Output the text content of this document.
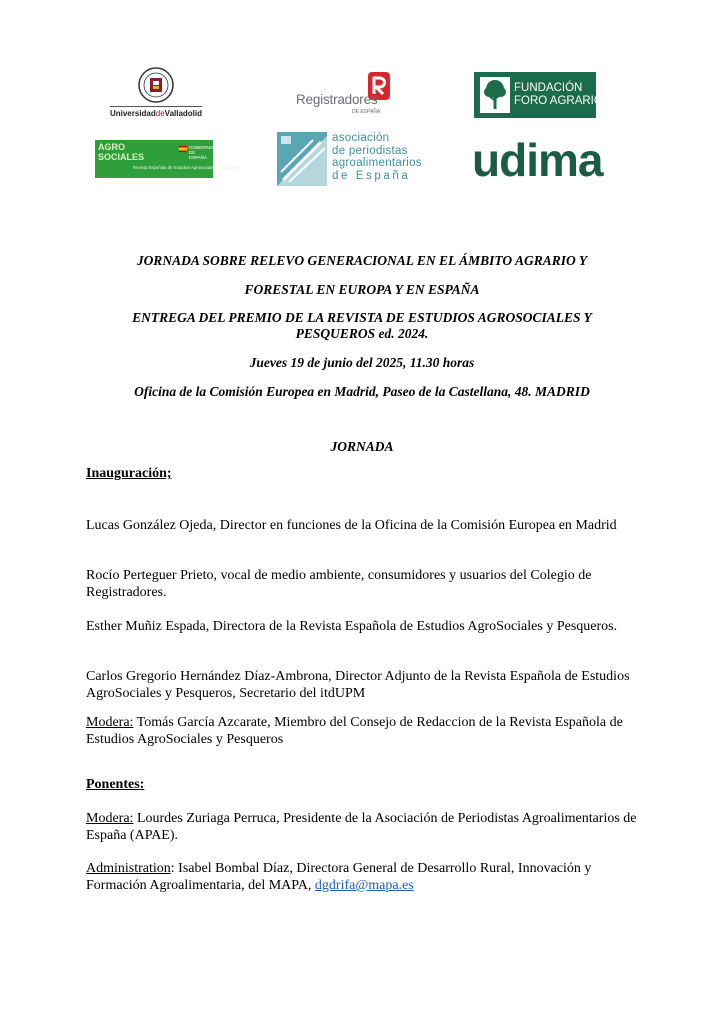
UniversidaddeValladolid
Registradores
DE ESPAÑA
FUNDACIÓN
FORO AGRARIO
AGRO
SOCIALES
GOBIERNO
DE ESPAÑA
Revista Española de Estudios Agrosociales y Pesqueros
asociación
de periodistas
agroalimentarios
de España udima

JORNADA SOBRE RELEVO GENERACIONAL EN EL ÁMBITO AGRARIO Y

FORESTAL EN EUROPA Y EN ESPAÑA

ENTREGA DEL PREMIO DE LA REVISTA DE ESTUDIOS AGROSOCIALES Y

PESQUEROS ed. 2024.

Jueves 19 de junio del 2025, 11.30 horas

Oficina de la Comisión Europea en Madrid, Paseo de la Castellana, 48. MADRID

JORNADA

Inauguración;

Lucas González Ojeda, Director en funciones de la Oficina de la Comisión Europea en Madrid

Rocío Perteguer Prieto, vocal de medio ambiente, consumidores y usuarios del Colegio de Registradores.

Esther Muñiz Espada, Directora de la Revista Española de Estudios AgroSociales y Pesqueros.

Carlos Gregorio Hernández Díaz-Ambrona, Director Adjunto de la Revista Española de Estudios AgroSociales y Pesqueros, Secretario del itdUPM

Modera: Tomás García Azcarate, Miembro del Consejo de Redaccion de la Revista Española de Estudios AgroSociales y Pesqueros

Ponentes:

Modera: Lourdes Zuriaga Perruca, Presidente de la Asociación de Periodistas Agroalimentarios de España (APAE).

Administration: Isabel Bombal Díaz, Directora General de Desarrollo Rural, Innovación y Formación Agroalimentaria, del MAPA, dgdrifa@mapa.es
